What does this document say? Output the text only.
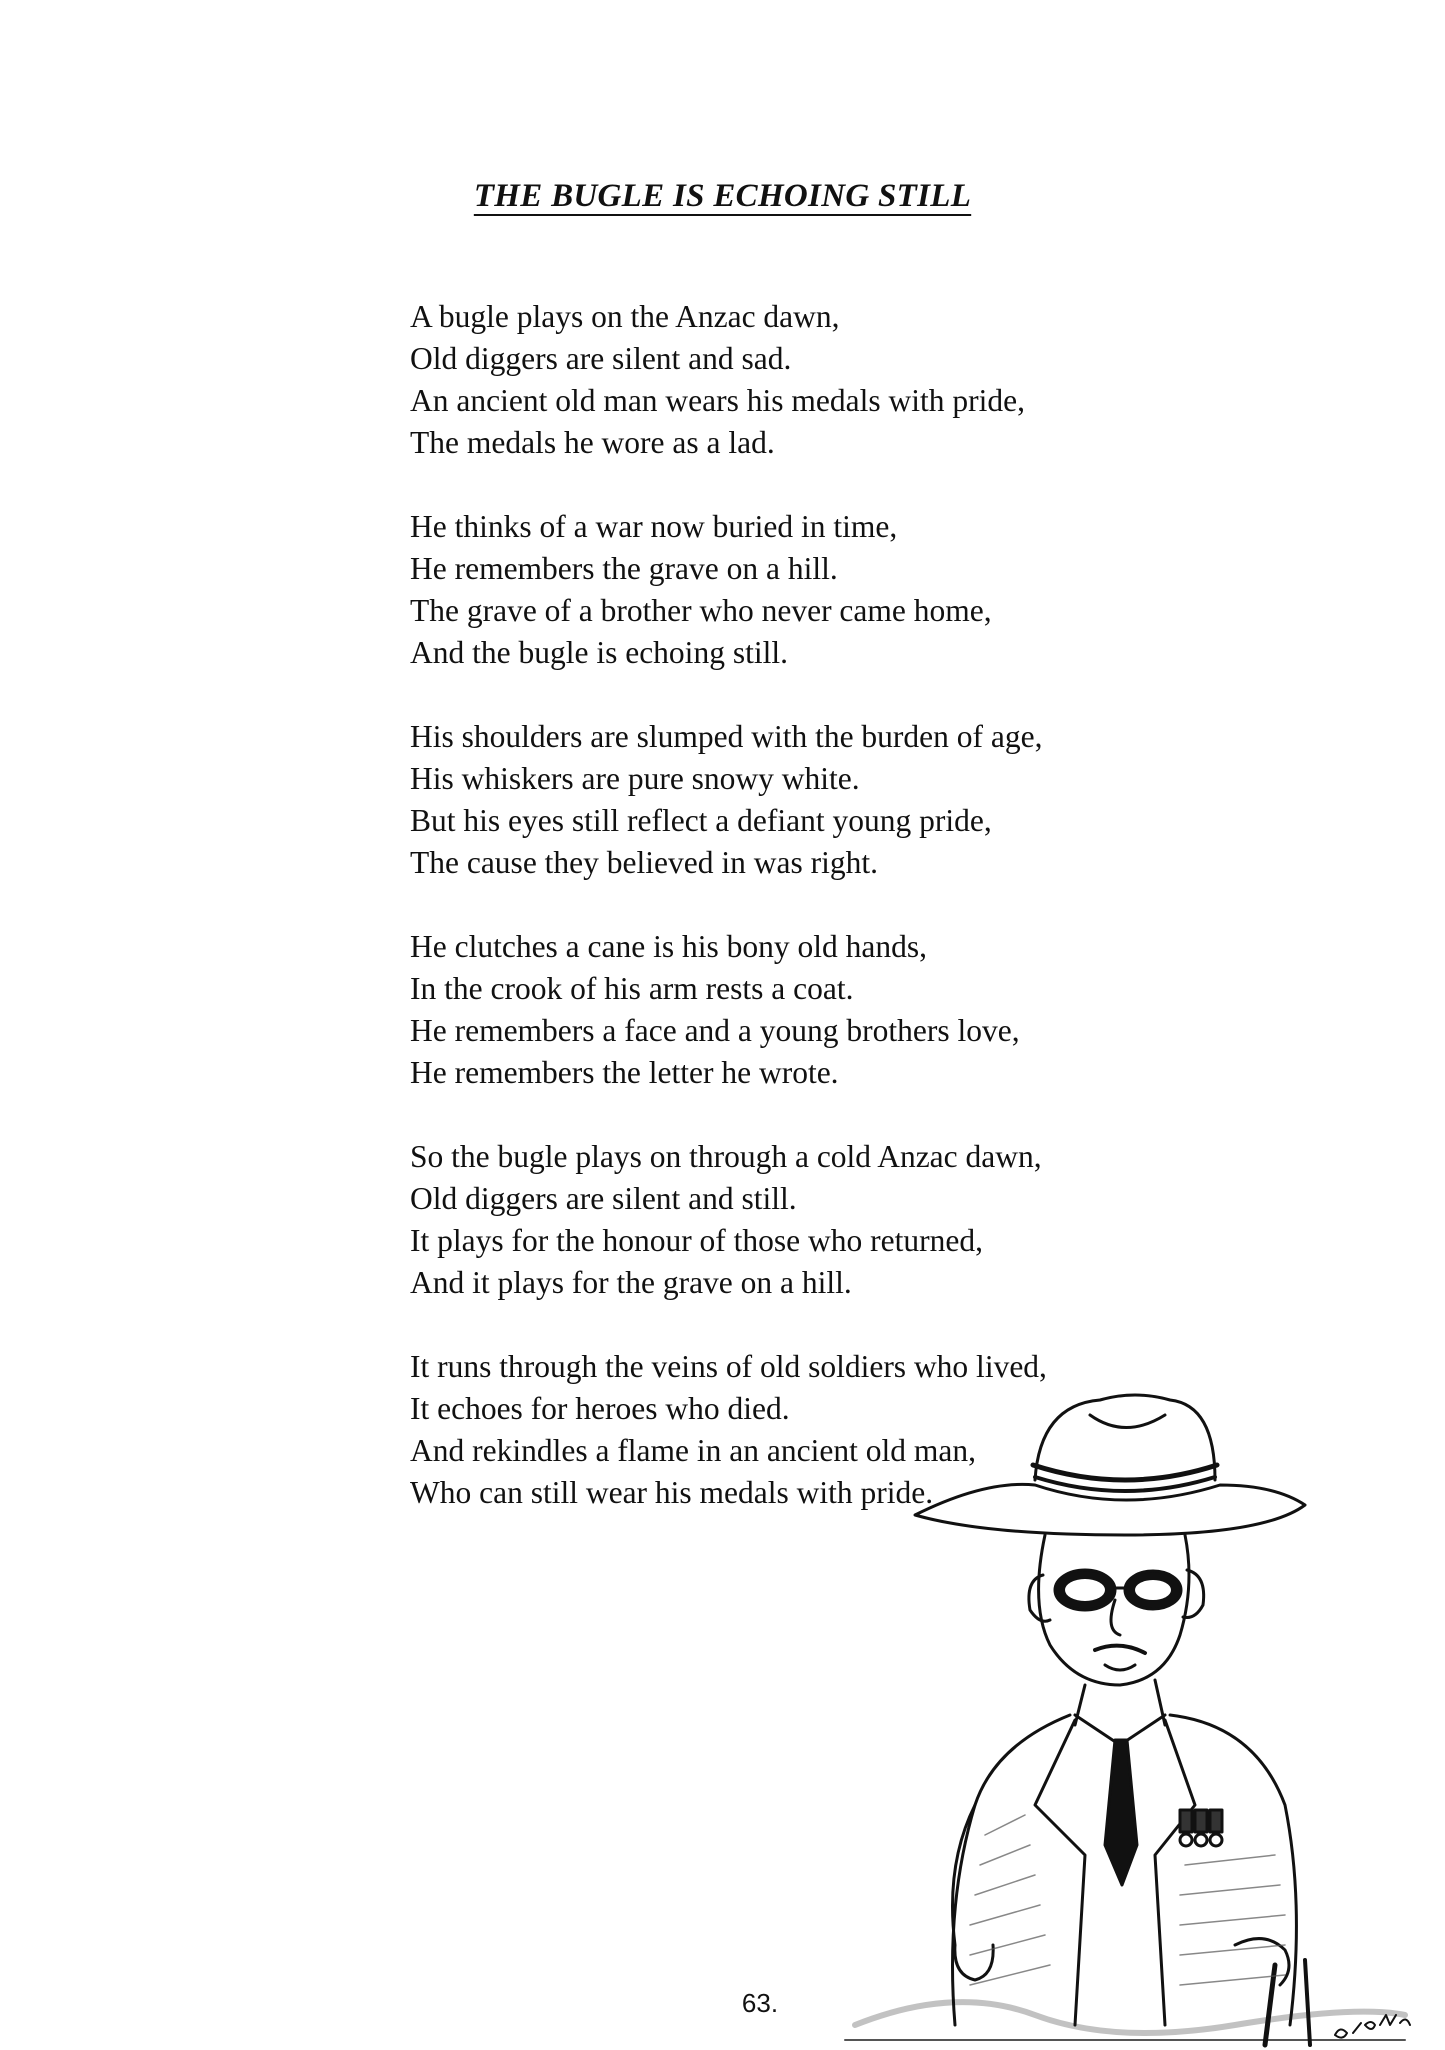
THE BUGLE IS ECHOING STILL
A bugle plays on the Anzac dawn,
Old diggers are silent and sad.
An ancient old man wears his medals with pride,
The medals he wore as a lad.
He thinks of a war now buried in time,
He remembers the grave on a hill.
The grave of a brother who never came home,
And the bugle is echoing still.
His shoulders are slumped with the burden of age,
His whiskers are pure snowy white.
But his eyes still reflect a defiant young pride,
The cause they believed in was right.
He clutches a cane is his bony old hands,
In the crook of his arm rests a coat.
He remembers a face and a young brothers love,
He remembers the letter he wrote.
So the bugle plays on through a cold Anzac dawn,
Old diggers are silent and still.
It plays for the honour of those who returned,
And it plays for the grave on a hill.
It runs through the veins of old soldiers who lived,
It echoes for heroes who died.
And rekindles a flame in an ancient old man,
Who can still wear his medals with pride.
63.
